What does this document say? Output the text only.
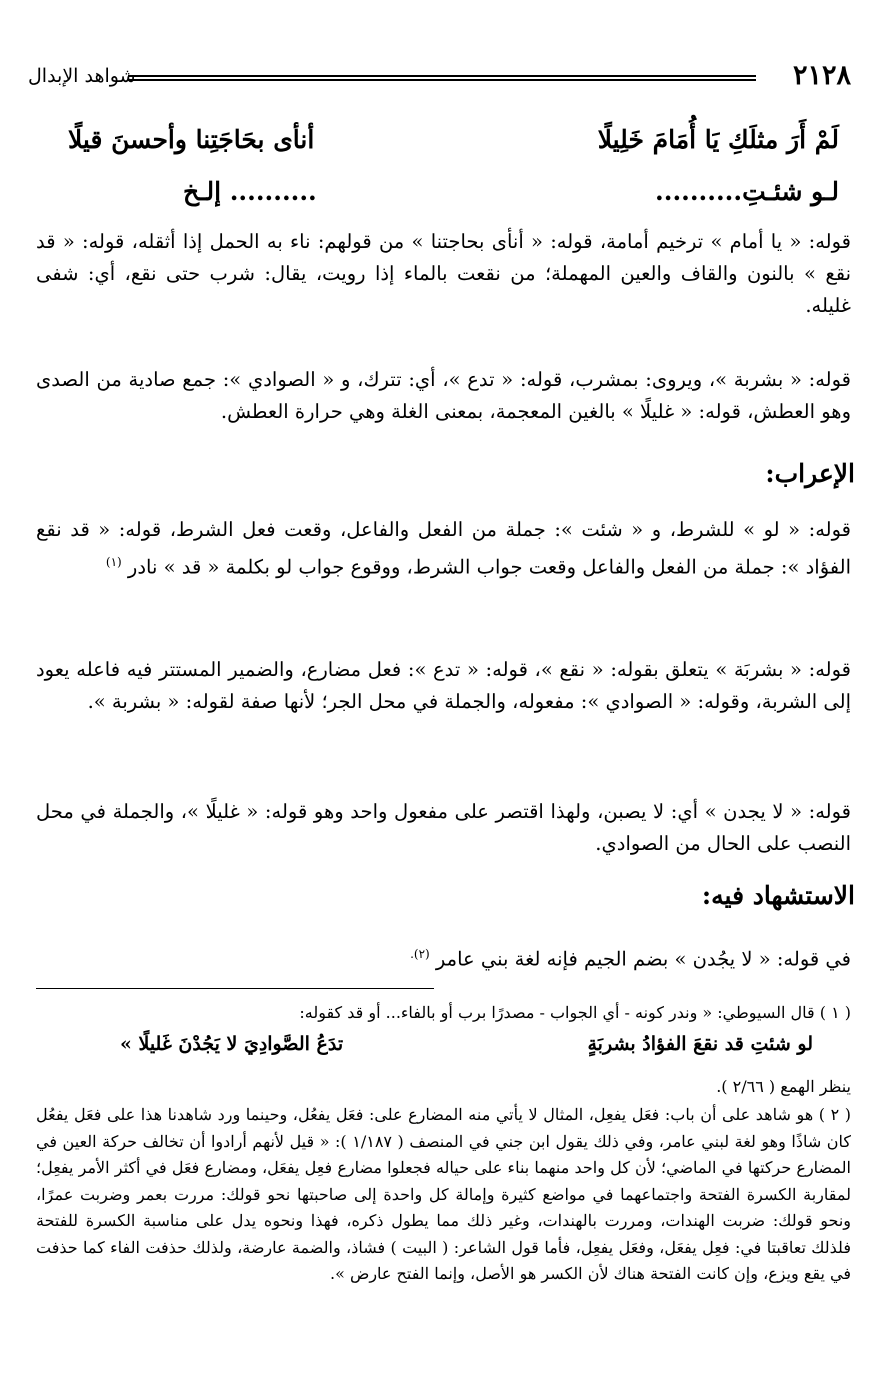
٢١٢٨
شواهد الإبدال
لَمْ أَرَ مثلَكِ يَا أُمَامَ خَلِيلًا
أنأى بحَاجَتِنا وأحسنَ قيلًا
لـو شئـتِ..........
.......... إلـخ
قوله: « يا أمام » ترخيم أمامة، قوله: « أنأى بحاجتنا » من قولهم: ناء به الحمل إذا أثقله، قوله: « قد نقع » بالنون والقاف والعين المهملة؛ من نقعت بالماء إذا رويت، يقال: شرب حتى نقع، أي: شفى غليله.
قوله: « بشربة »، ويروى: بمشرب، قوله: « تدع »، أي: تترك، و « الصوادي »: جمع صادية من الصدى وهو العطش، قوله: « غليلًا » بالغين المعجمة، بمعنى الغلة وهي حرارة العطش.
الإعراب:
قوله: « لو » للشرط، و « شئت »: جملة من الفعل والفاعل، وقعت فعل الشرط، قوله: « قد نقع الفؤاد »: جملة من الفعل والفاعل وقعت جواب الشرط، ووقوع جواب لو بكلمة « قد » نادر $^{(١)}$
قوله: « بشربَة » يتعلق بقوله: « نقع »، قوله: « تدع »: فعل مضارع، والضمير المستتر فيه فاعله يعود إلى الشربة، وقوله: « الصوادي »: مفعوله، والجملة في محل الجر؛ لأنها صفة لقوله: « بشربة ».
قوله: « لا يجدن » أي: لا يصبن، ولهذا اقتصر على مفعول واحد وهو قوله: « غليلًا »، والجملة في محل النصب على الحال من الصوادي.
الاستشهاد فيه:
في قوله: « لا يجُدن » بضم الجيم فإنه لغة بني عامر $^{(٢).}$
( ١ ) قال السيوطي: « وندر كونه - أي الجواب - مصدرًا برب أو بالفاء... أو قد كقوله:
لو شئتِ قد نقعَ الفؤادُ بشربَةٍ
تدَعُ الصَّوادِيَ لا يَجُدْنَ غَليلًا »
ينظر الهمع ( ٢/٦٦ ).
( ٢ ) هو شاهد على أن باب: فعَل يفعِل، المثال لا يأتي منه المضارع على: فعَل يفعُل، وحينما ورد شاهدنا هذا على فعَل يفعُل كان شاذًا وهو لغة لبني عامر، وفي ذلك يقول ابن جني في المنصف ( ١/١٨٧ ): « قيل لأنهم أرادوا أن تخالف حركة العين في المضارع حركتها في الماضي؛ لأن كل واحد منهما بناء على حياله فجعلوا مضارع فعِل يفعَل، ومضارع فعَل في أكثر الأمر يفعِل؛ لمقاربة الكسرة الفتحة واجتماعهما في مواضع كثيرة وإمالة كل واحدة إلى صاحبتها نحو قولك: مررت بعمر وضربت عمرًا، ونحو قولك: ضربت الهندات، ومررت بالهندات، وغير ذلك مما يطول ذكره، فهذا ونحوه يدل على مناسبة الكسرة للفتحة فلذلك تعاقبتا في: فعِل يفعَل، وفعَل يفعِل، فأما قول الشاعر: ( البيت ) فشاذ، والضمة عارضة، ولذلك حذفت الفاء كما حذفت في يقع ويزع، وإن كانت الفتحة هناك لأن الكسر هو الأصل، وإنما الفتح عارض ».
